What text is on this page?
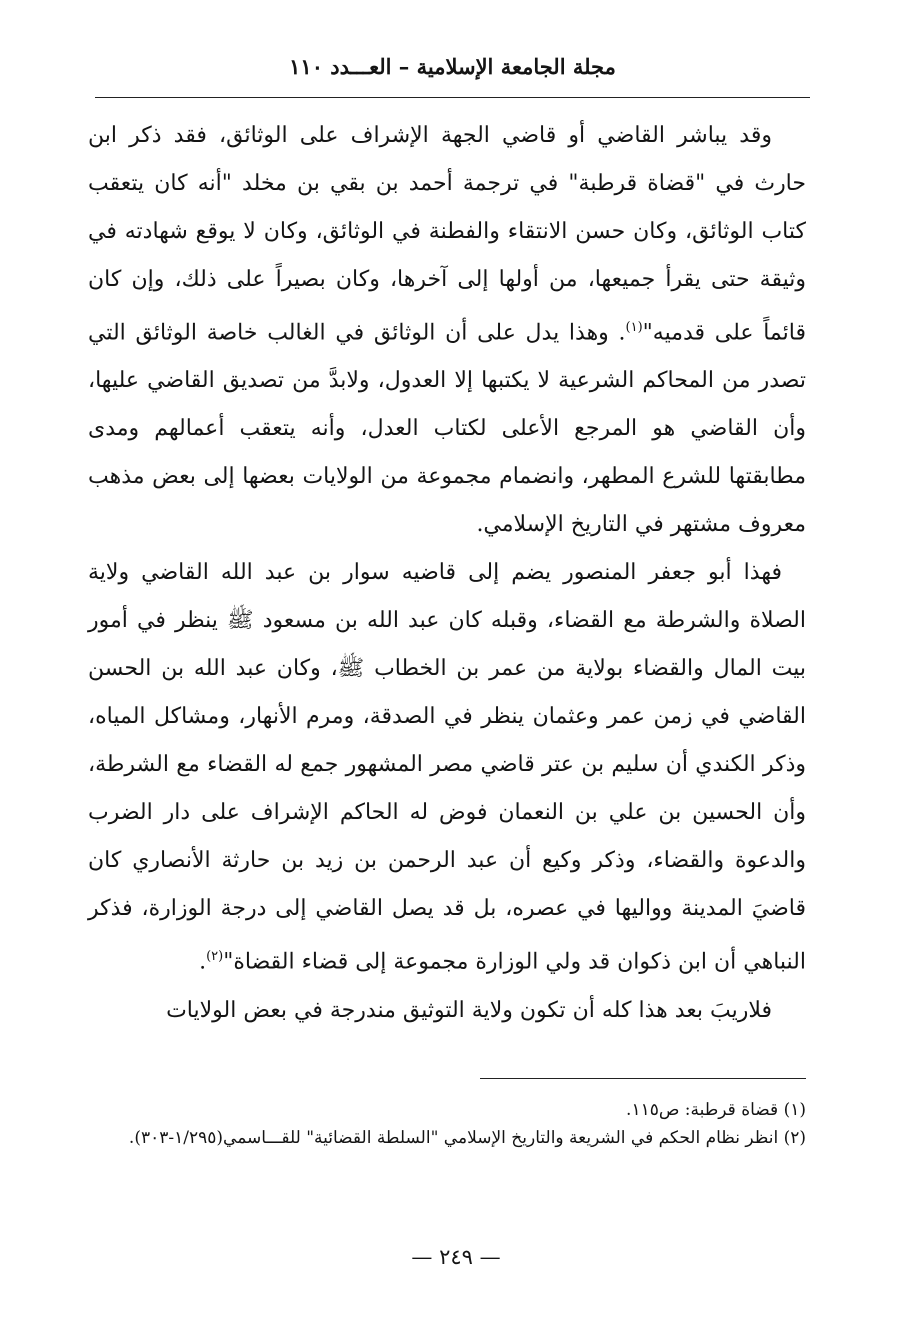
مجلة الجامعة الإسلامية – العـــدد ١١٠

وقد يباشر القاضي أو قاضي الجهة الإشراف على الوثائق، فقد ذكر ابن حارث في "قضاة قرطبة" في ترجمة أحمد بن بقي بن مخلد "أنه كان يتعقب كتاب الوثائق، وكان حسن الانتقاء والفطنة في الوثائق، وكان لا يوقع شهادته في وثيقة حتى يقرأ جميعها، من أولها إلى آخرها، وكان بصيراً على ذلك، وإن كان قائماً على قدميه"$^{(١)}$. وهذا يدل على أن الوثائق في الغالب خاصة الوثائق التي تصدر من المحاكم الشرعية لا يكتبها إلا العدول، ولابدَّ من تصديق القاضي عليها، وأن القاضي هو المرجع الأعلى لكتاب العدل، وأنه يتعقب أعمالهم ومدى مطابقتها للشرع المطهر، وانضمام مجموعة من الولايات بعضها إلى بعض مذهب معروف مشتهر في التاريخ الإسلامي.

فهذا أبو جعفر المنصور يضم إلى قاضيه سوار بن عبد الله القاضي ولاية الصلاة والشرطة مع القضاء، وقبله كان عبد الله بن مسعود ﷺ ينظر في أمور بيت المال والقضاء بولاية من عمر بن الخطاب ﷺ، وكان عبد الله بن الحسن القاضي في زمن عمر وعثمان ينظر في الصدقة، ومرم الأنهار، ومشاكل المياه، وذكر الكندي أن سليم بن عتر قاضي مصر المشهور جمع له القضاء مع الشرطة، وأن الحسين بن علي بن النعمان فوض له الحاكم الإشراف على دار الضرب والدعوة والقضاء، وذكر وكيع أن عبد الرحمن بن زيد بن حارثة الأنصاري كان قاضيَ المدينة وواليها في عصره، بل قد يصل القاضي إلى درجة الوزارة، فذكر النباهي أن ابن ذكوان قد ولي الوزارة مجموعة إلى قضاء القضاة"$^{(٢)}$.

فلاريبَ بعد هذا كله أن تكون ولاية التوثيق مندرجة في بعض الولايات

(١) قضاة قرطبة: ص١١٥.

(٢) انظر نظام الحكم في الشريعة والتاريخ الإسلامي "السلطة القضائية" للقـــاسمي(١/٢٩٥-٣٠٣).

— ٢٤٩ —
